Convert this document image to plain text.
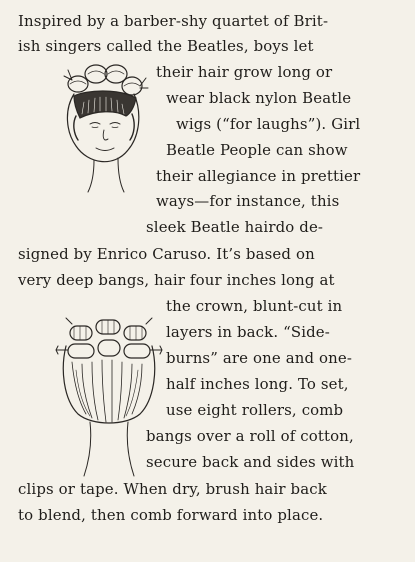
Inspired by a barber-shy quartet of Brit-

ish singers called the Beatles, boys let

their hair grow long or

wear black nylon Beatle

wigs (“for laughs”). Girl

Beatle People can show

their allegiance in prettier

ways—for instance, this

sleek Beatle hairdo de-

signed by Enrico Caruso. It’s based on

very deep bangs, hair four inches long at

the crown, blunt-cut in

layers in back. “Side-

burns” are one and one-

half inches long. To set,

use eight rollers, comb

bangs over a roll of cotton,

secure back and sides with

clips or tape. When dry, brush hair back

to blend, then comb forward into place.
